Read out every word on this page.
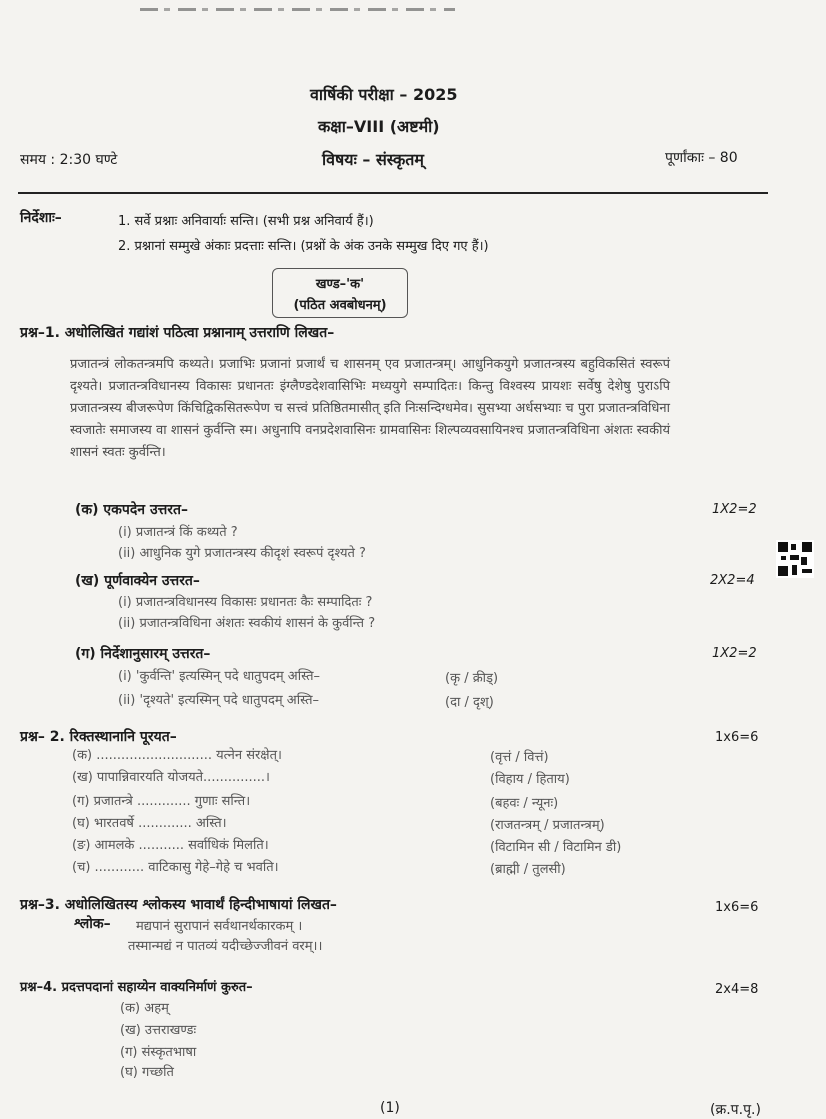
वार्षिकी परीक्षा – 2025
कक्षा–VIII (अष्टमी)
समय : 2:30 घण्टे	विषयः – संस्कृतम्	पूर्णांकाः – 80
निर्देशाः–	1. सर्वे प्रश्नाः अनिवार्याः सन्ति। (सभी प्रश्न अनिवार्य हैं।)
2. प्रश्नानां सम्मुखे अंकाः प्रदत्ताः सन्ति। (प्रश्नों के अंक उनके सम्मुख दिए गए हैं।)
खण्ड–'क'
(पठित अवबोधनम्)
प्रश्न–1. अधोलिखितं गद्यांशं पठित्वा प्रश्नानाम् उत्तराणि लिखत–
प्रजातन्त्रं लोकतन्त्रमपि कथ्यते। प्रजाभिः प्रजानां प्रजार्थं च शासनम् एव प्रजातन्त्रम्। आधुनिकयुगे प्रजातन्त्रस्य बहुविकसितं स्वरूपं दृश्यते। प्रजातन्त्रविधानस्य विकासः प्रधानतः इंग्लैण्डदेशवासिभिः मध्ययुगे सम्पादितः। किन्तु विश्वस्य प्रायशः सर्वेषु देशेषु पुराऽपि प्रजातन्त्रस्य बीजरूपेण किंचिद्विकसितरूपेण च सत्त्वं प्रतिष्ठितमासीत् इति निःसन्दिग्धमेव। सुसभ्या अर्धसभ्याः च पुरा प्रजातन्त्रविधिना स्वजातेः समाजस्य वा शासनं कुर्वन्ति स्म। अधुनापि वनप्रदेशवासिनः ग्रामवासिनः शिल्पव्यवसायिनश्च प्रजातन्त्रविधिना अंशतः स्वकीयं शासनं स्वतः कुर्वन्ति।
(क) एकपदेन उत्तरत–	1X2=2
(i) प्रजातन्त्रं किं कथ्यते ?
(ii) आधुनिक युगे प्रजातन्त्रस्य कीदृशं स्वरूपं दृश्यते ?
(ख) पूर्णवाक्येन उत्तरत–	2X2=4
(i) प्रजातन्त्रविधानस्य विकासः प्रधानतः कैः सम्पादितः ?
(ii) प्रजातन्त्रविधिना अंशतः स्वकीयं शासनं के कुर्वन्ति ?
(ग) निर्देशानुसारम् उत्तरत–	1X2=2
(i) 'कुर्वन्ति' इत्यस्मिन् पदे धातुपदम् अस्ति–	(कृ / क्रीड्)
(ii) 'दृश्यते' इत्यस्मिन् पदे धातुपदम् अस्ति–	(दा / दृश्)
प्रश्न– 2. रिक्तस्थानानि पूरयत–	1x6=6
(क) ............................ यत्नेन संरक्षेत्।	(वृत्तं / वित्तं)
(ख) पापान्निवारयति योजयते...............।	(विहाय / हिताय)
(ग) प्रजातन्त्रे ............. गुणाः सन्ति।	(बहवः / न्यूनः)
(घ) भारतवर्षे ............. अस्ति।	(राजतन्त्रम् / प्रजातन्त्रम्)
(ङ) आमलके ........... सर्वाधिकं मिलति।	(विटामिन सी / विटामिन डी)
(च) ............ वाटिकासु गेहे–गेहे च भवति।	(ब्राह्मी / तुलसी)
प्रश्न–3. अधोलिखितस्य श्लोकस्य भावार्थं हिन्दीभाषायां लिखत–	1x6=6
श्लोक– मद्यपानं सुरापानं सर्वथानर्थकारकम् ।
तस्मान्मद्यं न पातव्यं यदीच्छेज्जीवनं वरम्।।
प्रश्न–4. प्रदत्तपदानां सहाय्येन वाक्यनिर्माणं कुरुत–	2x4=8
(क) अहम्
(ख) उत्तराखण्डः
(ग) संस्कृतभाषा
(घ) गच्छति
(1)	(क्र.प.पृ.)
